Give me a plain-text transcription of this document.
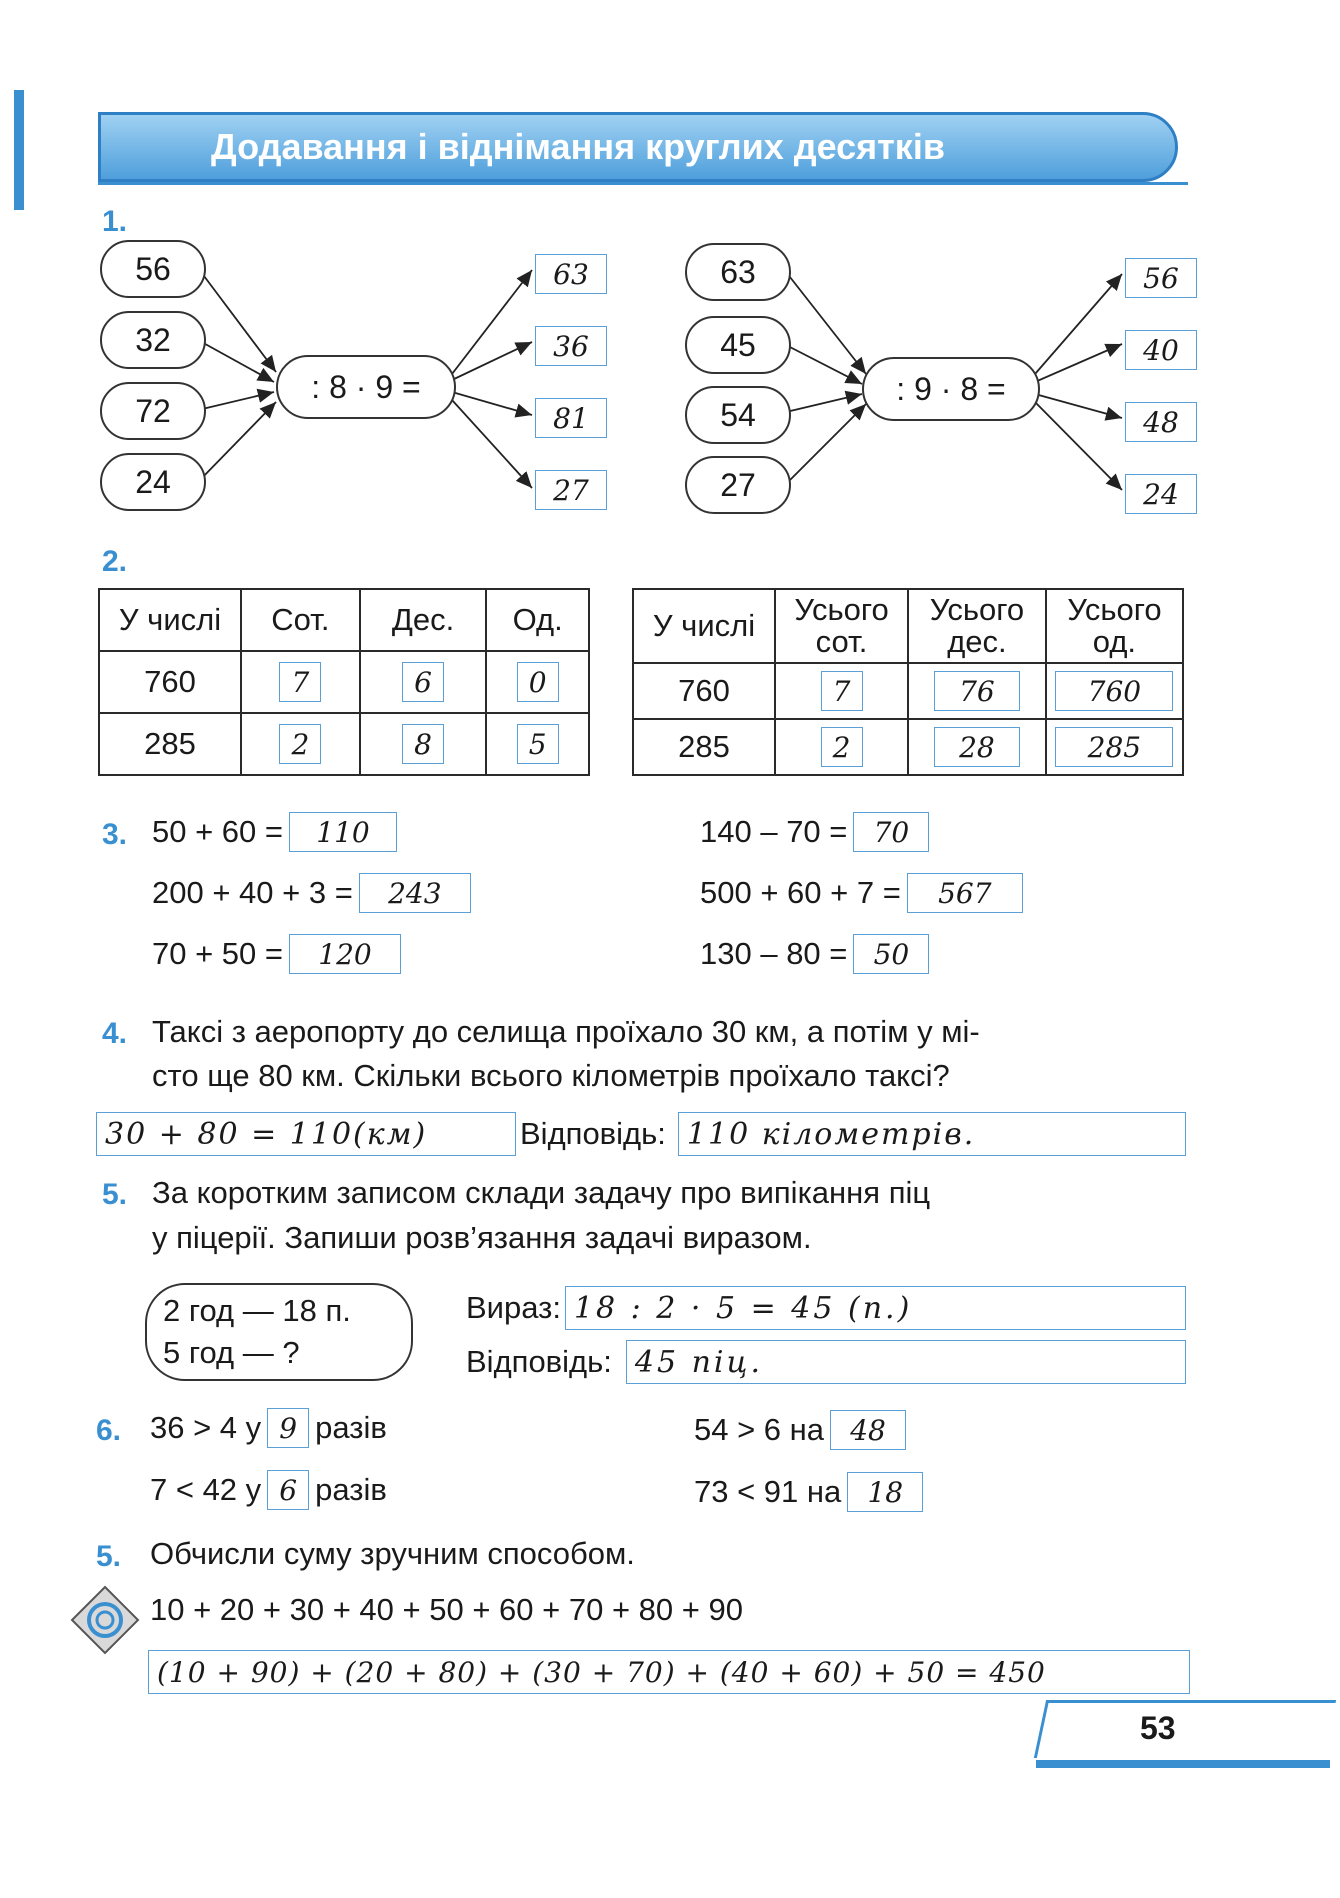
Додавання і віднімання круглих десятків
1.
56
32
72
24
: 8 · 9 =
63
36
81
27
63
45
54
27
: 9 · 8 =
56
40
48
24
2.
У числі	Сот.	Дес.	Од.
760	7	6	0
285	2	8	5
У числі	Усього сот.	Усього дес.	Усього од.
760	7	76	760
285	2	28	285
3. 50 + 60 =	110
200 + 40 + 3 =	243
70 + 50 =	120
140 – 70 = 70
500 + 60 + 7 =	567
130 – 80 = 50
4. Таксі з аеропорту до селища проїхало 30 км, а потім у мі-
сто ще 80 км. Скільки всього кілометрів проїхало таксі?
30 + 80 = 110(км)	Відповідь: 110 кілометрів.
5. За коротким записом склади задачу про випікання піц
у піцерії. Запиши розв’язання задачі виразом.
2 год — 18 п.
5 год — ?
Вираз: 18 : 2 · 5 = 45 (п.)
Відповідь: 45 піц.
6. 36 > 4 у 9 разів
7 < 42 у 6 разів
54 > 6 на 48
73 < 91 на 18
5. Обчисли суму зручним способом.
10 + 20 + 30 + 40 + 50 + 60 + 70 + 80 + 90
(10 + 90) + (20 + 80) + (30 + 70) + (40 + 60) + 50 = 450
53
